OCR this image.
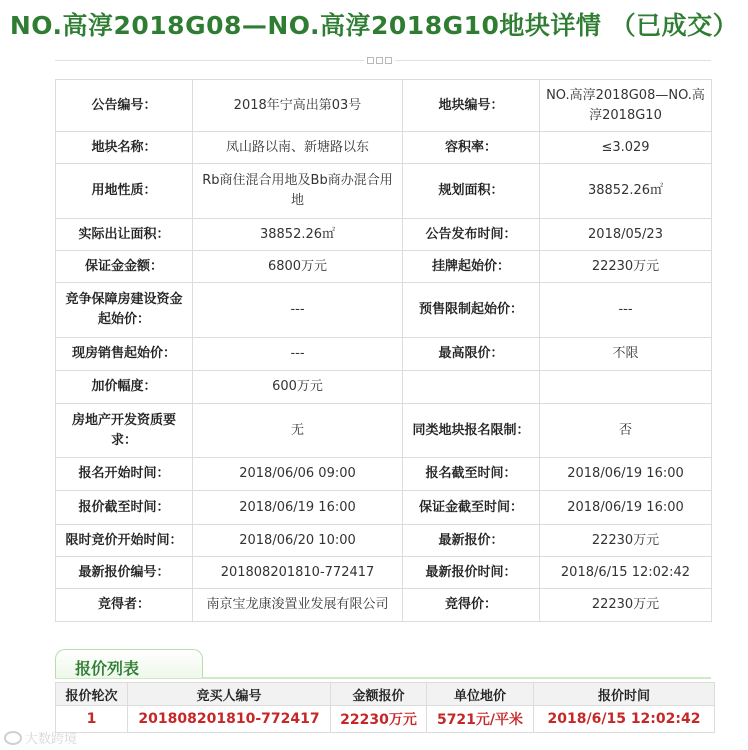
NO.高淳2018G08—NO.高淳2018G10地块详情 （已成交）
公告编号：	2018年宁高出第03号	地块编号：	NO.高淳2018G08—NO.高淳2018G10
地块名称：	凤山路以南、新塘路以东	容积率：	≤3.029
用地性质：	Rb商住混合用地及Bb商办混合用地	规划面积：	38852.26㎡
实际出让面积：	38852.26㎡	公告发布时间：	2018/05/23
保证金金额：	6800万元	挂牌起始价：	22230万元
竞争保障房建设资金起始价：	---	预售限制起始价：	---
现房销售起始价：	---	最高限价：	不限
加价幅度：	600万元		
房地产开发资质要求：	无	同类地块报名限制：	否
报名开始时间：	2018/06/06 09:00	报名截至时间：	2018/06/19 16:00
报价截至时间：	2018/06/19 16:00	保证金截至时间：	2018/06/19 16:00
限时竞价开始时间：	2018/06/20 10:00	最新报价：	22230万元
最新报价编号：	201808201810-772417	最新报价时间：	2018/6/15 12:02:42
竞得者：	南京宝龙康浚置业发展有限公司	竞得价：	22230万元
报价列表
报价轮次	竞买人编号	金额报价	单位地价	报价时间
1	201808201810-772417	22230万元	5721元/平米	2018/6/15 12:02:42
大数跨境
